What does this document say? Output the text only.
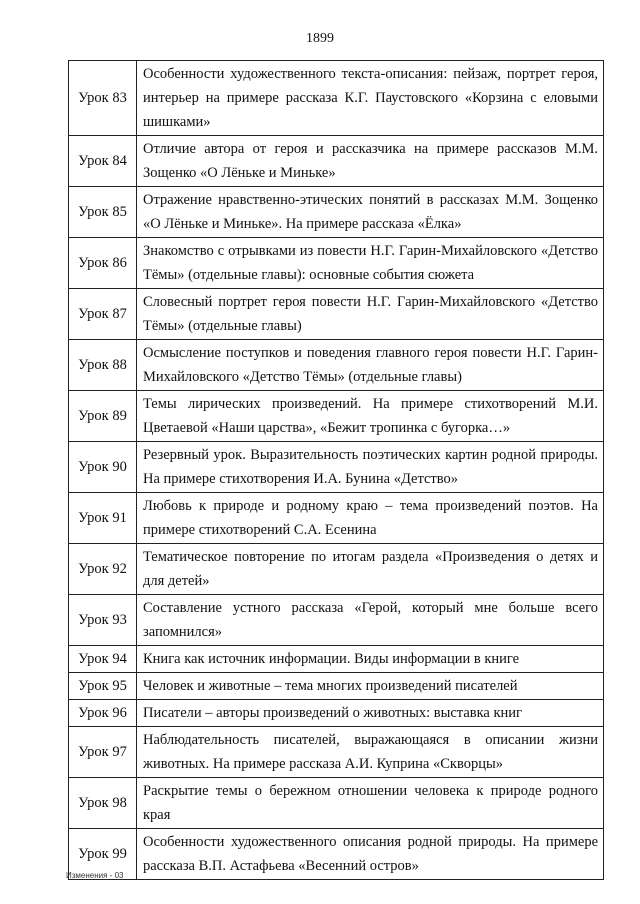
1899
Урок 83	Особенности художественного текста-описания: пейзаж, портрет героя, интерьер на примере рассказа К.Г. Паустовского «Корзина с еловыми шишками»
Урок 84	Отличие автора от героя и рассказчика на примере рассказов М.М. Зощенко «О Лёньке и Миньке»
Урок 85	Отражение нравственно-этических понятий в рассказах М.М. Зощенко «О Лёньке и Миньке». На примере рассказа «Ёлка»
Урок 86	Знакомство с отрывками из повести Н.Г. Гарин-Михайловского «Детство Тёмы» (отдельные главы): основные события сюжета
Урок 87	Словесный портрет героя повести Н.Г. Гарин-Михайловского «Детство Тёмы» (отдельные главы)
Урок 88	Осмысление поступков и поведения главного героя повести Н.Г. Гарин-Михайловского «Детство Тёмы» (отдельные главы)
Урок 89	Темы лирических произведений. На примере стихотворений М.И. Цветаевой «Наши царства», «Бежит тропинка с бугорка…»
Урок 90	Резервный урок. Выразительность поэтических картин родной природы. На примере стихотворения И.А. Бунина «Детство»
Урок 91	Любовь к природе и родному краю – тема произведений поэтов. На примере стихотворений С.А. Есенина
Урок 92	Тематическое повторение по итогам раздела «Произведения о детях и для детей»
Урок 93	Составление устного рассказа «Герой, который мне больше всего запомнился»
Урок 94	Книга как источник информации. Виды информации в книге
Урок 95	Человек и животные – тема многих произведений писателей
Урок 96	Писатели – авторы произведений о животных: выставка книг
Урок 97	Наблюдательность писателей, выражающаяся в описании жизни животных. На примере рассказа А.И. Куприна «Скворцы»
Урок 98	Раскрытие темы о бережном отношении человека к природе родного края
Урок 99	Особенности художественного описания родной природы. На примере рассказа В.П. Астафьева «Весенний остров»
Изменения - 03
